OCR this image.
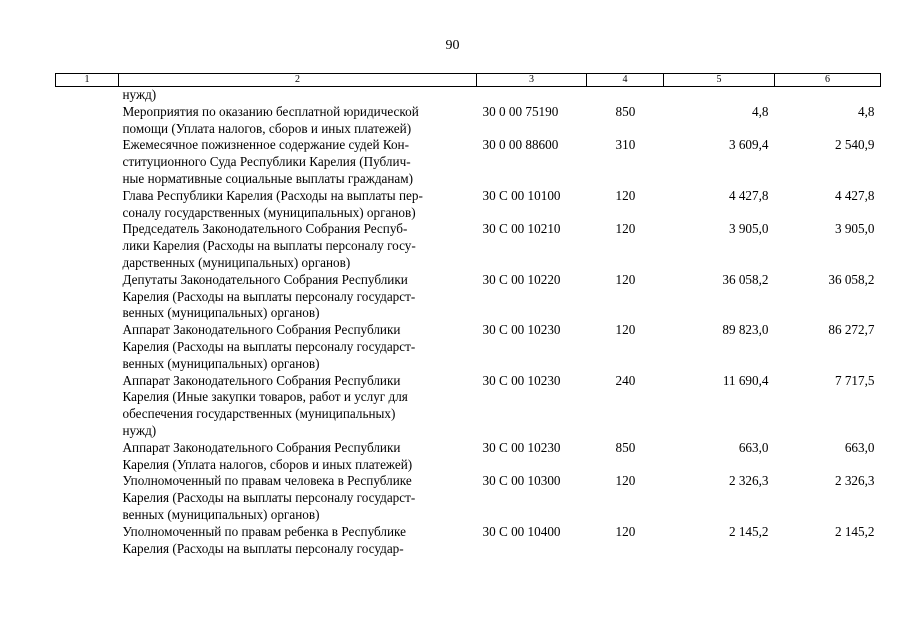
90
1	2	3	4	5	6
	нужд)				
	Мероприятия по оказанию бесплатной юридической
помощи (Уплата налогов, сборов и иных платежей)	30 0 00 75190	850	4,8	4,8
	Ежемесячное пожизненное содержание судей Кон-
ституционного Суда Республики Карелия (Публич-
ные нормативные социальные выплаты гражданам)	30 0 00 88600	310	3 609,4	2 540,9
	Глава Республики Карелия (Расходы на выплаты пер-
соналу государственных (муниципальных) органов)	30 С 00 10100	120	4 427,8	4 427,8
	Председатель Законодательного Собрания Респуб-
лики Карелия (Расходы на выплаты персоналу госу-
дарственных (муниципальных) органов)	30 С 00 10210	120	3 905,0	3 905,0
	Депутаты Законодательного Собрания Республики
Карелия (Расходы на выплаты персоналу государст-
венных (муниципальных) органов)	30 С 00 10220	120	36 058,2	36 058,2
	Аппарат Законодательного Собрания Республики
Карелия (Расходы на выплаты персоналу государст-
венных (муниципальных) органов)	30 С 00 10230	120	89 823,0	86 272,7
	Аппарат Законодательного Собрания Республики
Карелия (Иные закупки товаров, работ и услуг для
обеспечения государственных (муниципальных)
нужд)	30 С 00 10230	240	11 690,4	7 717,5
	Аппарат Законодательного Собрания Республики
Карелия (Уплата налогов, сборов и иных платежей)	30 С 00 10230	850	663,0	663,0
	Уполномоченный по правам человека в Республике
Карелия (Расходы на выплаты персоналу государст-
венных (муниципальных) органов)	30 С 00 10300	120	2 326,3	2 326,3
	Уполномоченный по правам ребенка в Республике
Карелия (Расходы на выплаты персоналу государ-	30 С 00 10400	120	2 145,2	2 145,2
